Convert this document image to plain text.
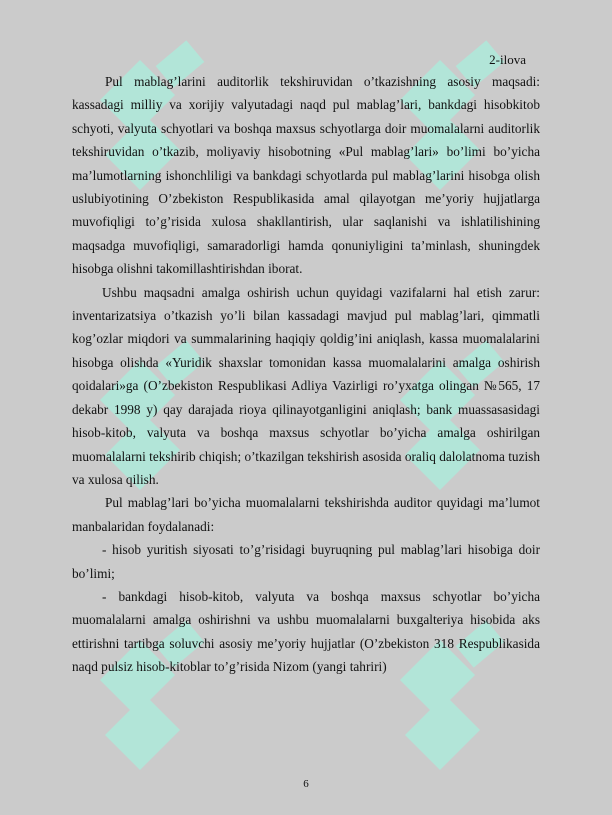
2-ilova

Pul mablag’larini auditorlik tekshiruvidan o’tkazishning asosiy maqsadi: kassadagi milliy va xorijiy valyutadagi naqd pul mablag’lari, bankdagi hisobkitob schyoti, valyuta schyotlari va boshqa maxsus schyotlarga doir muomalalarni auditorlik tekshiruvidan o’tkazib, moliyaviy hisobotning «Pul mablag’lari» bo’limi bo’yicha ma’lumotlarning ishonchliligi va bankdagi schyotlarda pul mablag’larini hisobga olish uslubiyotining O’zbekiston Respublikasida amal qilayotgan me’yoriy hujjatlarga muvofiqligi to’g’risida xulosa shakllantirish, ular saqlanishi va ishlatilishining maqsadga muvofiqligi, samaradorligi hamda qonuniyligini ta’minlash, shuningdek hisobga olishni takomillashtirishdan iborat.

Ushbu maqsadni amalga oshirish uchun quyidagi vazifalarni hal etish zarur: inventarizatsiya o’tkazish yo’li bilan kassadagi mavjud pul mablag’lari, qimmatli kog’ozlar miqdori va summalarining haqiqiy qoldig’ini aniqlash, kassa muomalalarini hisobga olishda «Yuridik shaxslar tomonidan kassa muomalalarini amalga oshirish qoidalari»ga (O’zbekiston Respublikasi Adliya Vazirligi ro’yxatga olingan №565, 17 dekabr 1998 y) qay darajada rioya qilinayotganligini aniqlash; bank muassasasidagi hisob-kitob, valyuta va boshqa maxsus schyotlar bo’yicha amalga oshirilgan muomalalarni tekshirib chiqish; o’tkazilgan tekshirish asosida oraliq dalolatnoma tuzish va xulosa qilish.

Pul mablag’lari bo’yicha muomalalarni tekshirishda auditor quyidagi ma’lumot manbalaridan foydalanadi:

- hisob yuritish siyosati to’g’risidagi buyruqning pul mablag’lari hisobiga doir bo’limi;

- bankdagi hisob-kitob, valyuta va boshqa maxsus schyotlar bo’yicha muomalalarni amalga oshirishni va ushbu muomalalarni buxgalteriya hisobida aks ettirishni tartibga soluvchi asosiy me’yoriy hujjatlar (O’zbekiston 318 Respublikasida naqd pulsiz hisob-kitoblar to’g’risida Nizom (yangi tahriri)

6
